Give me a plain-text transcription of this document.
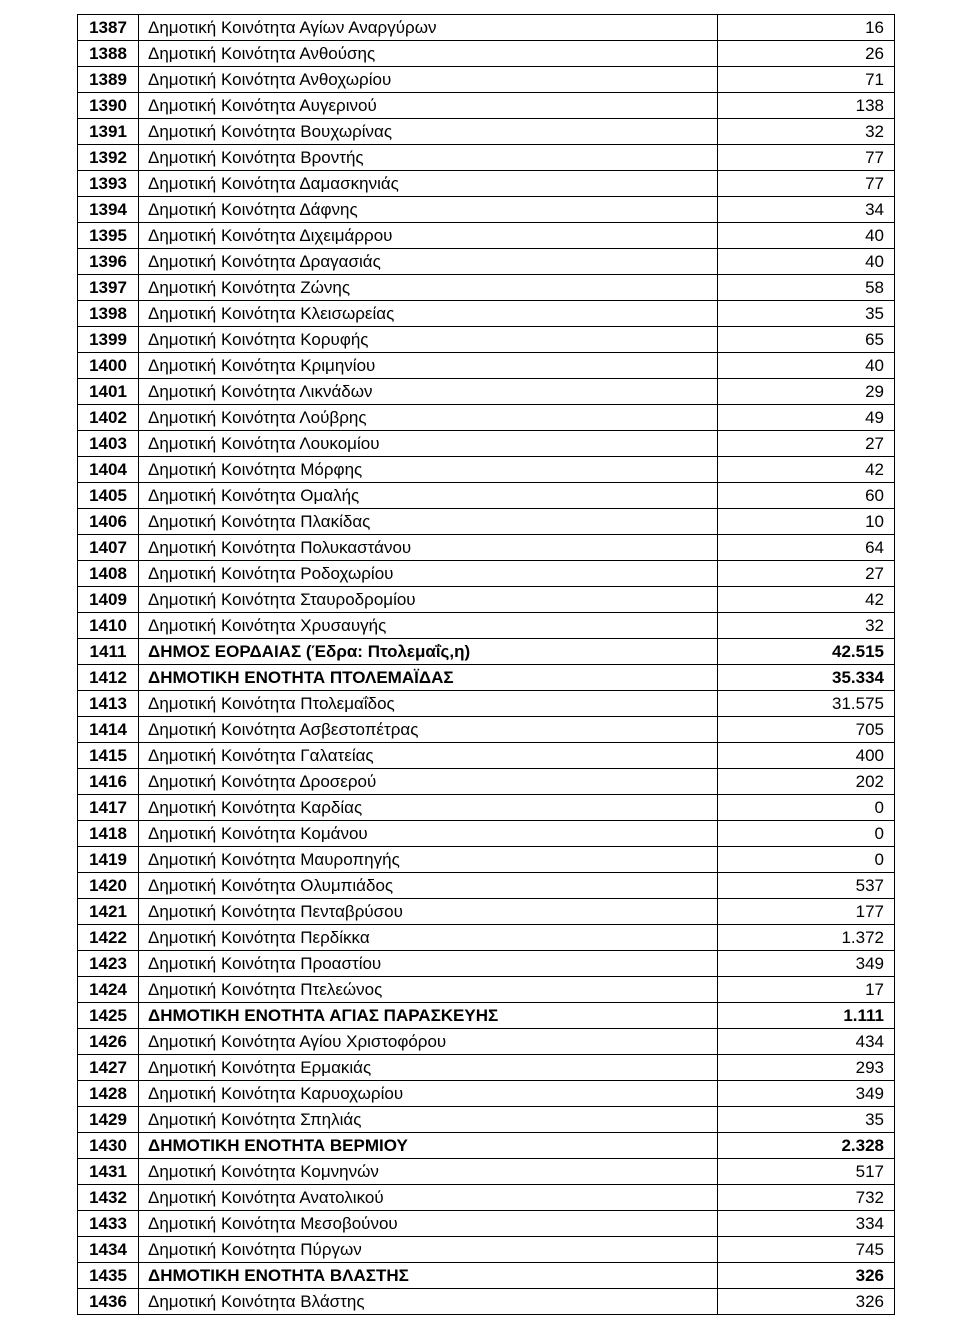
1387	Δημοτική Κοινότητα Αγίων Αναργύρων	16
1388	Δημοτική Κοινότητα Ανθούσης	26
1389	Δημοτική Κοινότητα Ανθοχωρίου	71
1390	Δημοτική Κοινότητα Αυγερινού	138
1391	Δημοτική Κοινότητα Βουχωρίνας	32
1392	Δημοτική Κοινότητα Βροντής	77
1393	Δημοτική Κοινότητα Δαμασκηνιάς	77
1394	Δημοτική Κοινότητα Δάφνης	34
1395	Δημοτική Κοινότητα Διχειμάρρου	40
1396	Δημοτική Κοινότητα Δραγασιάς	40
1397	Δημοτική Κοινότητα Ζώνης	58
1398	Δημοτική Κοινότητα Κλεισωρείας	35
1399	Δημοτική Κοινότητα Κορυφής	65
1400	Δημοτική Κοινότητα Κριμηνίου	40
1401	Δημοτική Κοινότητα Λικνάδων	29
1402	Δημοτική Κοινότητα Λούβρης	49
1403	Δημοτική Κοινότητα Λουκομίου	27
1404	Δημοτική Κοινότητα Μόρφης	42
1405	Δημοτική Κοινότητα Ομαλής	60
1406	Δημοτική Κοινότητα Πλακίδας	10
1407	Δημοτική Κοινότητα Πολυκαστάνου	64
1408	Δημοτική Κοινότητα Ροδοχωρίου	27
1409	Δημοτική Κοινότητα Σταυροδρομίου	42
1410	Δημοτική Κοινότητα Χρυσαυγής	32
1411	ΔΗΜΟΣ ΕΟΡΔΑΙΑΣ (Έδρα: Πτολεμαΐς,η)	42.515
1412	ΔΗΜΟΤΙΚΗ ΕΝΟΤΗΤΑ ΠΤΟΛΕΜΑΪΔΑΣ	35.334
1413	Δημοτική Κοινότητα Πτολεμαΐδος	31.575
1414	Δημοτική Κοινότητα Ασβεστοπέτρας	705
1415	Δημοτική Κοινότητα Γαλατείας	400
1416	Δημοτική Κοινότητα Δροσερού	202
1417	Δημοτική Κοινότητα Καρδίας	0
1418	Δημοτική Κοινότητα Κομάνου	0
1419	Δημοτική Κοινότητα Μαυροπηγής	0
1420	Δημοτική Κοινότητα Ολυμπιάδος	537
1421	Δημοτική Κοινότητα Πενταβρύσου	177
1422	Δημοτική Κοινότητα Περδίκκα	1.372
1423	Δημοτική Κοινότητα Προαστίου	349
1424	Δημοτική Κοινότητα Πτελεώνος	17
1425	ΔΗΜΟΤΙΚΗ ΕΝΟΤΗΤΑ ΑΓΙΑΣ ΠΑΡΑΣΚΕΥΗΣ	1.111
1426	Δημοτική Κοινότητα Αγίου Χριστοφόρου	434
1427	Δημοτική Κοινότητα Ερμακιάς	293
1428	Δημοτική Κοινότητα Καρυοχωρίου	349
1429	Δημοτική Κοινότητα Σπηλιάς	35
1430	ΔΗΜΟΤΙΚΗ ΕΝΟΤΗΤΑ ΒΕΡΜΙΟΥ	2.328
1431	Δημοτική Κοινότητα Κομνηνών	517
1432	Δημοτική Κοινότητα Ανατολικού	732
1433	Δημοτική Κοινότητα Μεσοβούνου	334
1434	Δημοτική Κοινότητα Πύργων	745
1435	ΔΗΜΟΤΙΚΗ ΕΝΟΤΗΤΑ ΒΛΑΣΤΗΣ	326
1436	Δημοτική Κοινότητα Βλάστης	326
